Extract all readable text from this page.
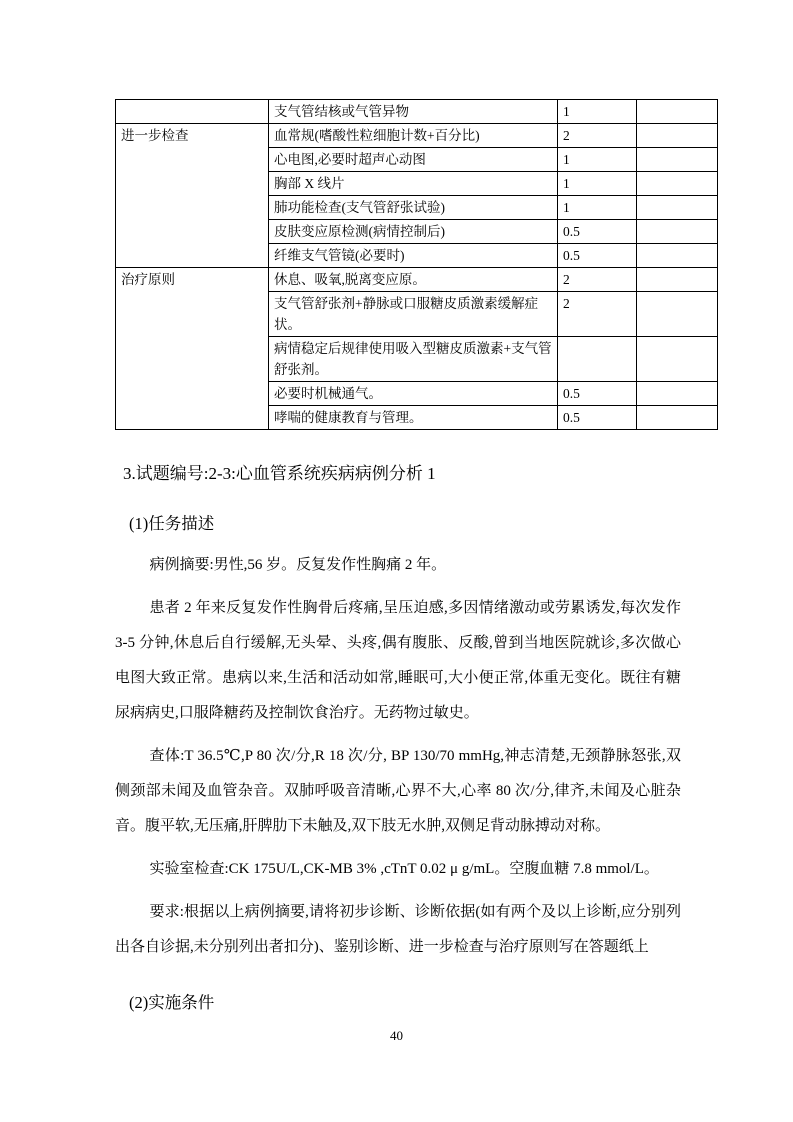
	支气管结核或气管异物	1	
进一步检查	血常规(嗜酸性粒细胞计数+百分比)	2	
	心电图,必要时超声心动图	1	
	胸部 X 线片	1	
	肺功能检查(支气管舒张试验)	1	
	皮肤变应原检测(病情控制后)	0.5	
	纤维支气管镜(必要时)	0.5	
治疗原则	休息、吸氧,脱离变应原。	2	
	支气管舒张剂+静脉或口服糖皮质激素缓解症状。	2	
	病情稳定后规律使用吸入型糖皮质激素+支气管舒张剂。		
	必要时机械通气。	0.5	
	哮喘的健康教育与管理。	0.5	
3.试题编号:2-3:心血管系统疾病病例分析 1
(1)任务描述

病例摘要:男性,56 岁。反复发作性胸痛 2 年。

患者 2 年来反复发作性胸骨后疼痛,呈压迫感,多因情绪激动或劳累诱发,每次发作 3-5 分钟,休息后自行缓解,无头晕、头疼,偶有腹胀、反酸,曾到当地医院就诊,多次做心电图大致正常。患病以来,生活和活动如常,睡眠可,大小便正常,体重无变化。既往有糖尿病病史,口服降糖药及控制饮食治疗。无药物过敏史。

查体:T 36.5℃,P 80 次/分,R 18 次/分, BP 130/70 mmHg,神志清楚,无颈静脉怒张,双侧颈部未闻及血管杂音。双肺呼吸音清晰,心界不大,心率 80 次/分,律齐,未闻及心脏杂音。腹平软,无压痛,肝脾肋下未触及,双下肢无水肿,双侧足背动脉搏动对称。

实验室检查:CK 175U/L,CK-MB 3% ,cTnT 0.02 μ g/mL。空腹血糖 7.8 mmol/L。

要求:根据以上病例摘要,请将初步诊断、诊断依据(如有两个及以上诊断,应分别列出各自诊据,未分别列出者扣分)、鉴别诊断、进一步检查与治疗原则写在答题纸上

(2)实施条件
40
